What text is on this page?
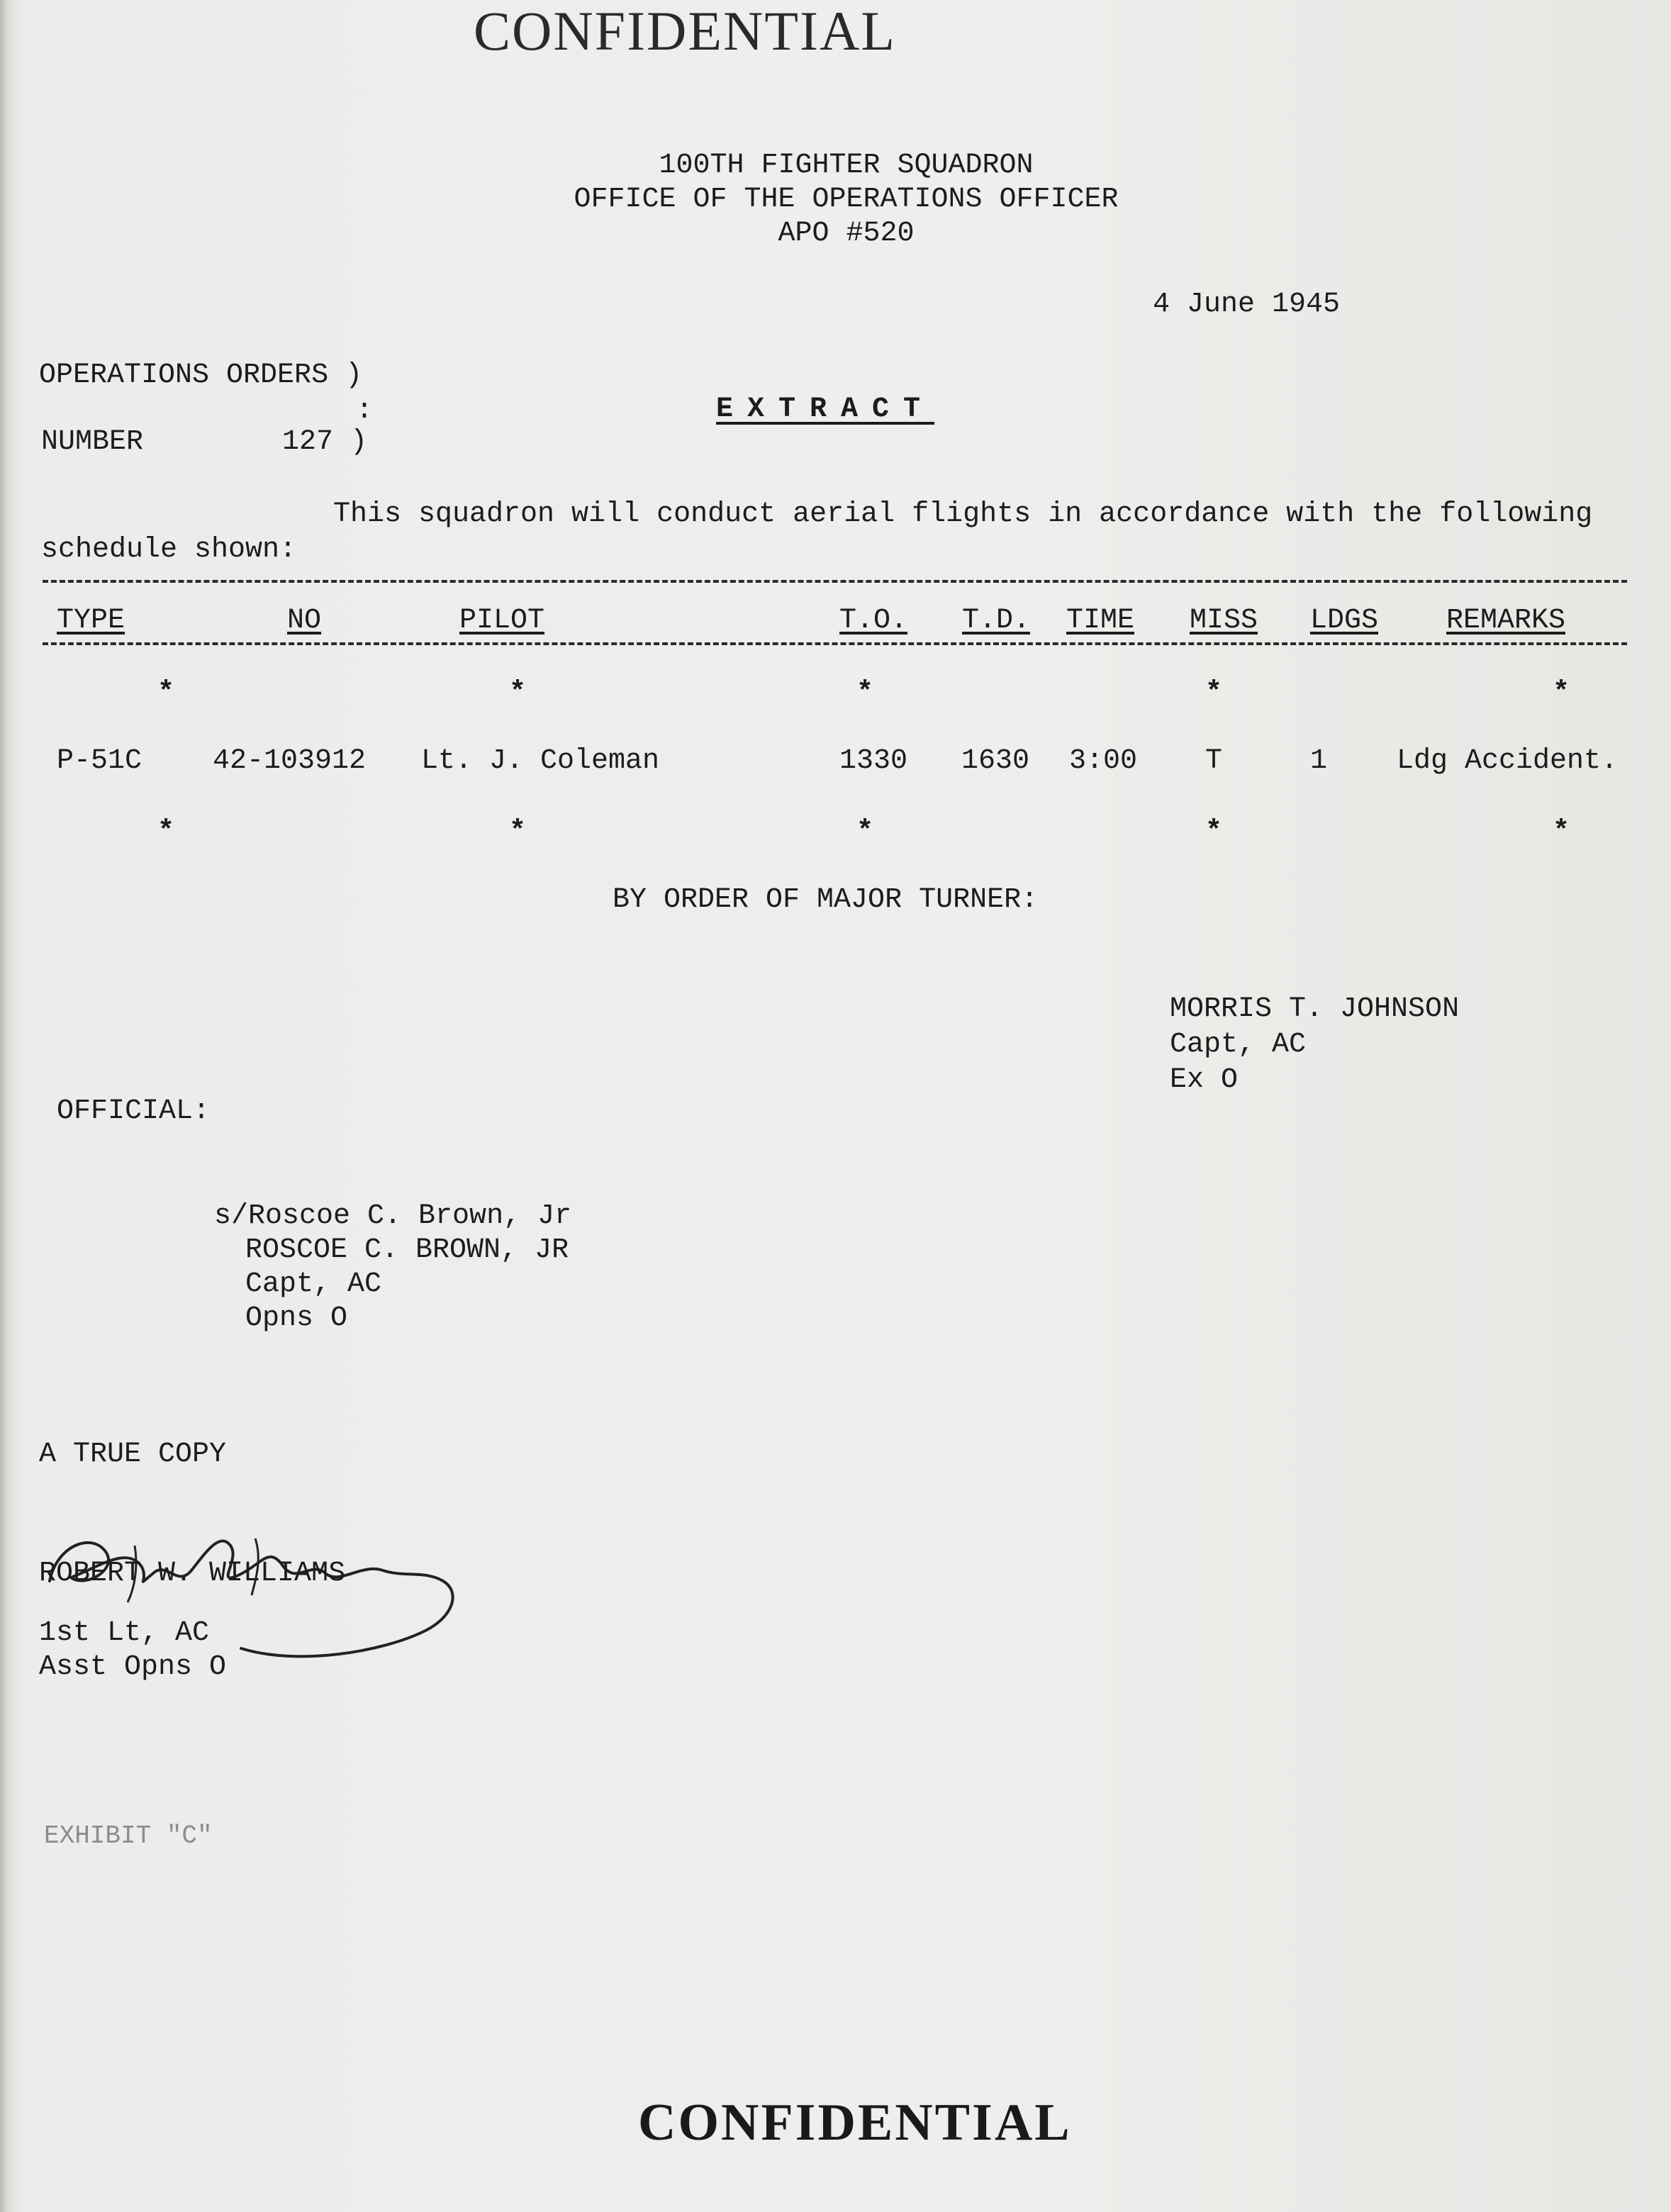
CONFIDENTIAL
100TH FIGHTER SQUADRON
OFFICE OF THE OPERATIONS OFFICER
APO #520
4 June 1945
OPERATIONS ORDERS )
:
NUMBER	127 )
EXTRACT
This squadron will conduct aerial flights in accordance with the following
schedule shown:
TYPE	NO	PILOT	T.O. T.D. TIME MISS LDGS REMARKS
*	*	*	*	*
P-51C 42-103912 Lt. J. Coleman	1330 1630 3:00 T	1 Ldg Accident.
*	*	*	*	*
BY ORDER OF MAJOR TURNER:
MORRIS T. JOHNSON
Capt, AC
Ex O
OFFICIAL:
s/Roscoe C. Brown, Jr
ROSCOE C. BROWN, JR
Capt, AC
Opns O
A TRUE COPY
ROBERT W. WILLIAMS
1st Lt, AC
Asst Opns O
EXHIBIT "C"
CONFIDENTIAL
